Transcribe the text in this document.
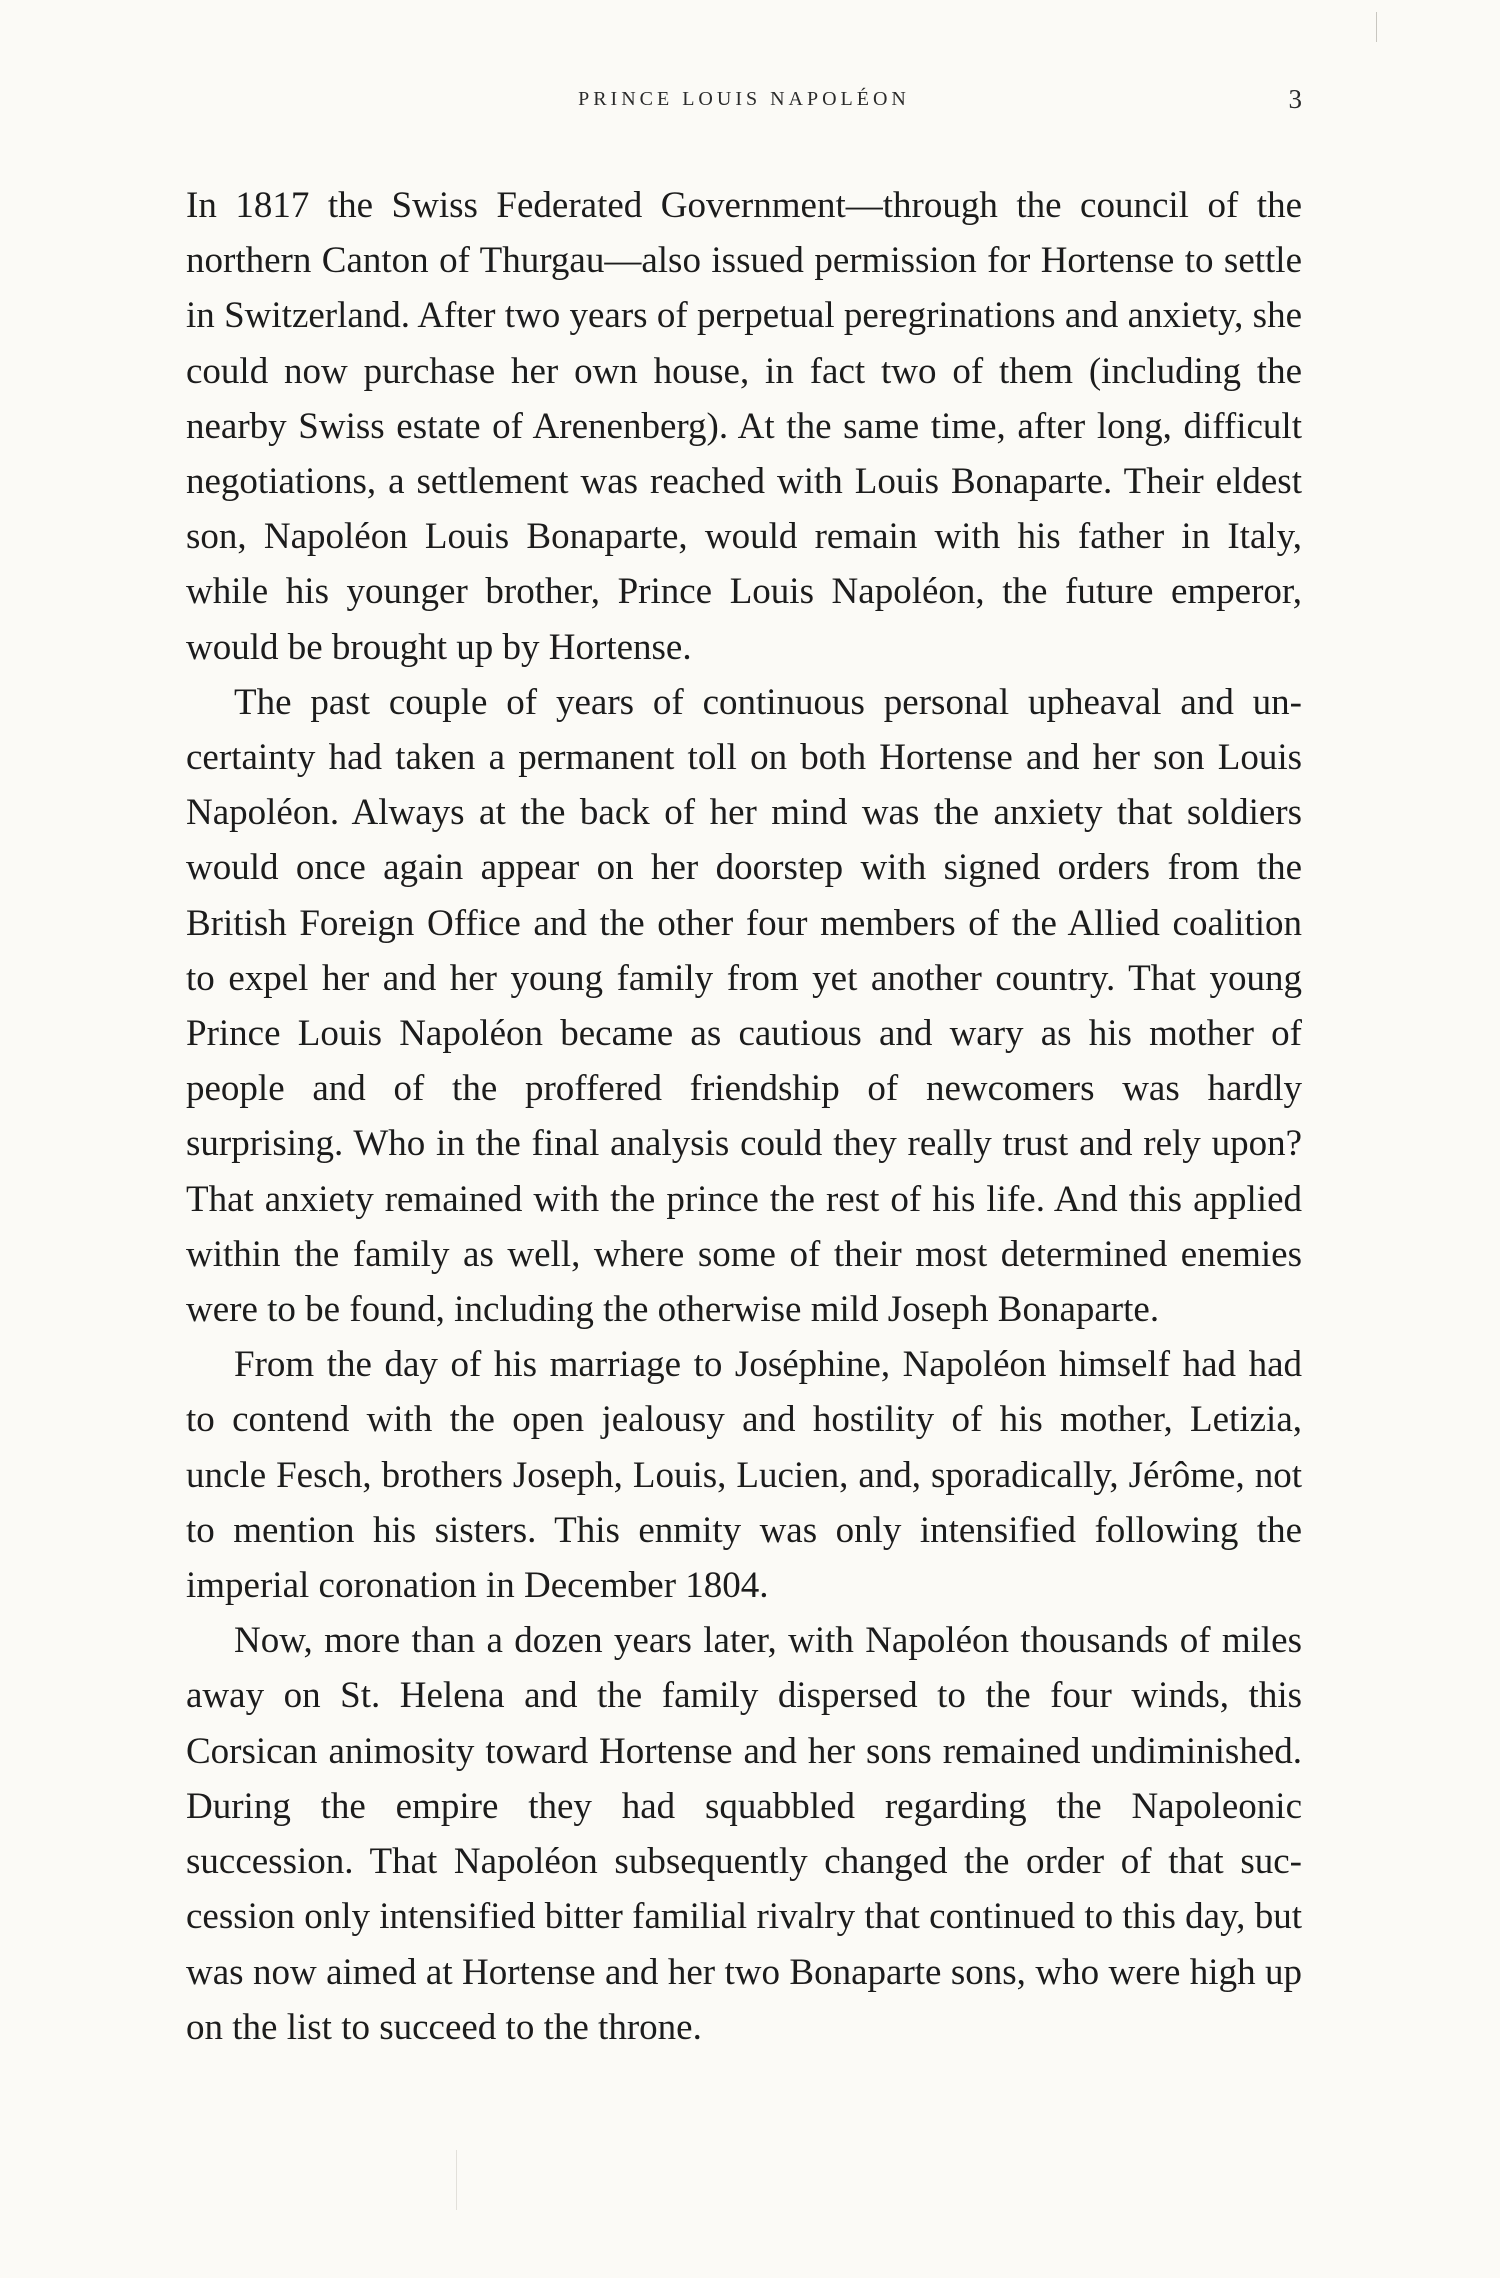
PRINCE LOUIS NAPOLÉON	3

In 1817 the Swiss Federated Government—through the council of the northern Canton of Thurgau—also issued permission for Hortense to settle in Switzerland. After two years of perpetual peregrinations and anxiety, she could now purchase her own house, in fact two of them (including the nearby Swiss estate of Arenenberg). At the same time, after long, difficult negotiations, a settlement was reached with Louis Bonaparte. Their eldest son, Napoléon Louis Bonaparte, would remain with his father in Italy, while his younger brother, Prince Louis Napoléon, the future emperor, would be brought up by Hortense.

The past couple of years of continuous personal upheaval and uncertainty had taken a permanent toll on both Hortense and her son Louis Napoléon. Always at the back of her mind was the anxiety that soldiers would once again appear on her doorstep with signed orders from the British Foreign Office and the other four members of the Allied coalition to expel her and her young family from yet another country. That young Prince Louis Napoléon became as cautious and wary as his mother of people and of the proffered friendship of newcomers was hardly surprising. Who in the final analysis could they really trust and rely upon? That anxiety remained with the prince the rest of his life. And this applied within the family as well, where some of their most determined enemies were to be found, including the otherwise mild Joseph Bonaparte.

From the day of his marriage to Joséphine, Napoléon himself had had to contend with the open jealousy and hostility of his mother, Letizia, uncle Fesch, brothers Joseph, Louis, Lucien, and, sporadically, Jérôme, not to mention his sisters. This enmity was only intensified following the imperial coronation in December 1804.

Now, more than a dozen years later, with Napoléon thousands of miles away on St. Helena and the family dispersed to the four winds, this Corsican animosity toward Hortense and her sons remained undiminished. During the empire they had squabbled regarding the Napoleonic succession. That Napoléon subsequently changed the order of that succession only intensified bitter familial rivalry that continued to this day, but was now aimed at Hortense and her two Bonaparte sons, who were high up on the list to succeed to the throne.
